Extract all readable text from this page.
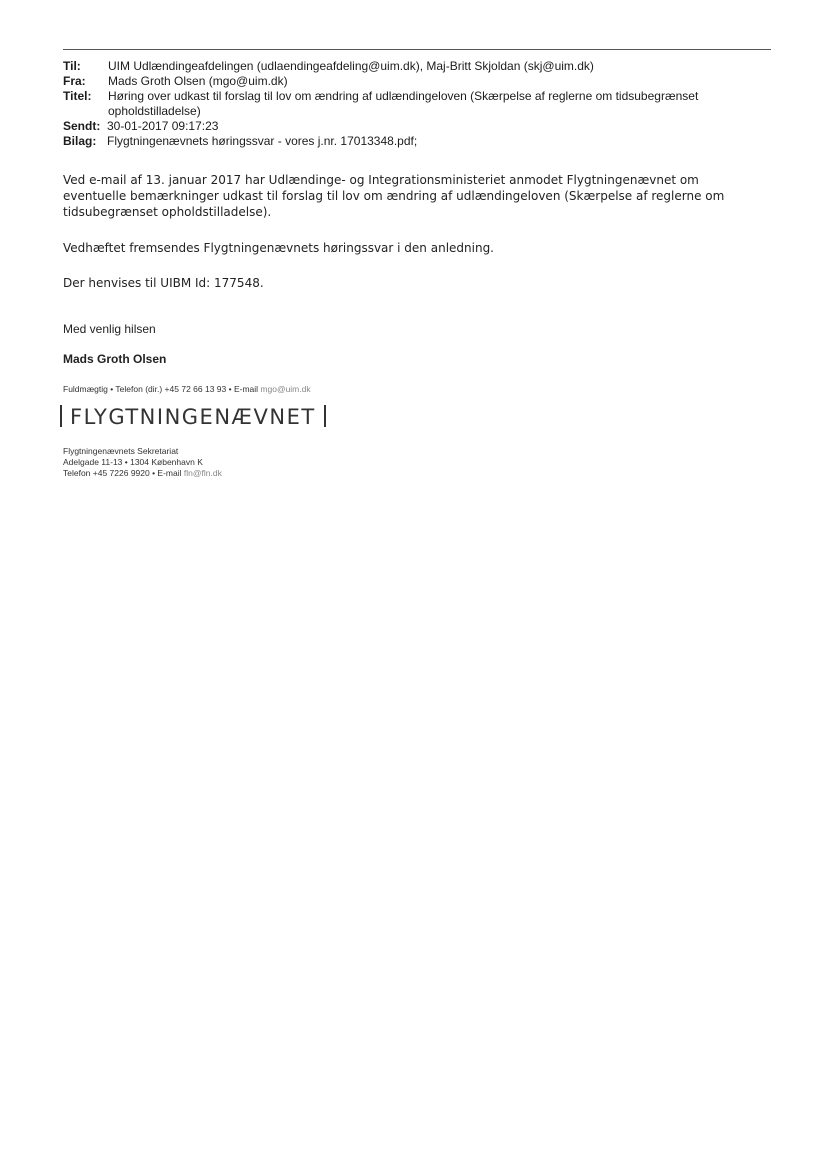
Til:	UIM Udlændingeafdelingen (udlaendingeafdeling@uim.dk), Maj-Britt Skjoldan (skj@uim.dk)
Fra:	Mads Groth Olsen (mgo@uim.dk)
Titel:	Høring over udkast til forslag til lov om ændring af udlændingeloven (Skærpelse af reglerne om tidsubegrænset opholdstilladelse)
Sendt: 30-01-2017 09:17:23
Bilag: Flygtningenævnets høringssvar - vores j.nr. 17013348.pdf;
Ved e-mail af 13. januar 2017 har Udlændinge- og Integrationsministeriet anmodet Flygtningenævnet om eventuelle bemærkninger udkast til forslag til lov om ændring af udlændingeloven (Skærpelse af reglerne om tidsubegrænset opholdstilladelse).
Vedhæftet fremsendes Flygtningenævnets høringssvar i den anledning.
Der henvises til UIBM Id: 177548.
Med venlig hilsen
Mads Groth Olsen
Fuldmægtig • Telefon (dir.) +45 72 66 13 93 • E-mail mgo@uim.dk
FLYGTNINGENÆVNET
Flygtningenævnets Sekretariat
Adelgade 11-13 • 1304 København K
Telefon +45 7226 9920 • E-mail fln@fln.dk
